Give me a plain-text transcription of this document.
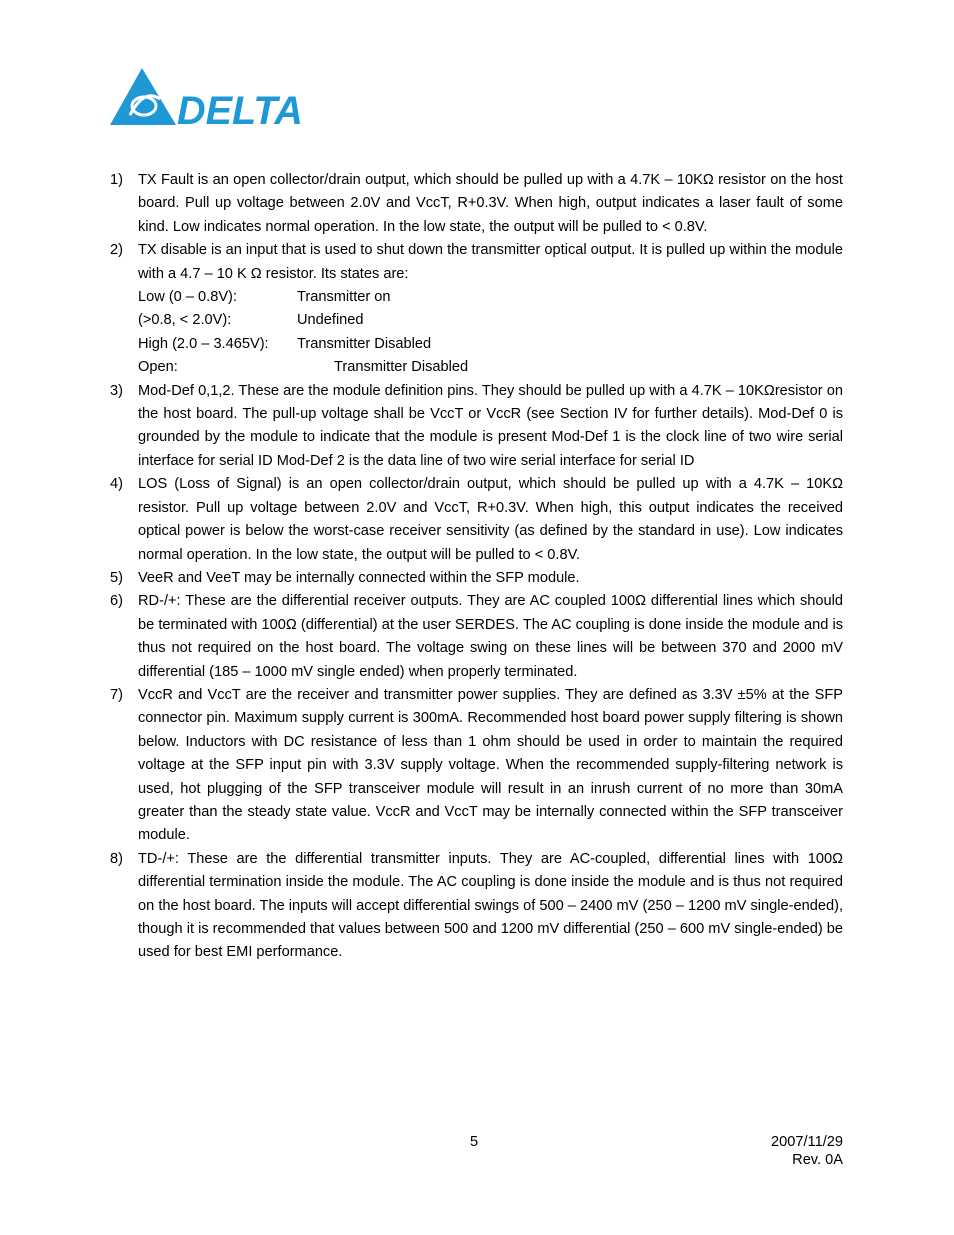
DELTA
1)	TX Fault is an open collector/drain output, which should be pulled up with a 4.7K – 10KΩ resistor on the host board. Pull up voltage between 2.0V and VccT, R+0.3V. When high, output indicates a laser fault of some kind. Low indicates normal operation. In the low state, the output will be pulled to < 0.8V.
2)	TX disable is an input that is used to shut down the transmitter optical output. It is pulled up within the module with a 4.7 – 10 K Ω resistor. Its states are:
Low (0 – 0.8V):	Transmitter on
(>0.8, < 2.0V):	Undefined
High (2.0 – 3.465V):	Transmitter Disabled
Open:	Transmitter Disabled
3)	Mod-Def 0,1,2. These are the module definition pins. They should be pulled up with a 4.7K – 10KΩresistor on the host board. The pull-up voltage shall be VccT or VccR (see Section IV for further details). Mod-Def 0 is grounded by the module to indicate that the module is present Mod-Def 1 is the clock line of two wire serial interface for serial ID Mod-Def 2 is the data line of two wire serial interface for serial ID
4)	LOS (Loss of Signal) is an open collector/drain output, which should be pulled up with a 4.7K – 10KΩ resistor. Pull up voltage between 2.0V and VccT, R+0.3V. When high, this output indicates the received optical power is below the worst-case receiver sensitivity (as defined by the standard in use). Low indicates normal operation. In the low state, the output will be pulled to < 0.8V.
5)	VeeR and VeeT may be internally connected within the SFP module.
6)	RD-/+: These are the differential receiver outputs. They are AC coupled 100Ω differential lines which should be terminated with 100Ω (differential) at the user SERDES. The AC coupling is done inside the module and is thus not required on the host board. The voltage swing on these lines will be between 370 and 2000 mV differential (185 – 1000 mV single ended) when properly terminated.
7)	VccR and VccT are the receiver and transmitter power supplies. They are defined as 3.3V ±5% at the SFP connector pin. Maximum supply current is 300mA. Recommended host board power supply filtering is shown below. Inductors with DC resistance of less than 1 ohm should be used in order to maintain the required voltage at the SFP input pin with 3.3V supply voltage. When the recommended supply-filtering network is used, hot plugging of the SFP transceiver module will result in an inrush current of no more than 30mA greater than the steady state value. VccR and VccT may be internally connected within the SFP transceiver module.
8)	TD-/+: These are the differential transmitter inputs. They are AC-coupled, differential lines with 100Ω differential termination inside the module. The AC coupling is done inside the module and is thus not required on the host board. The inputs will accept differential swings of 500 – 2400 mV (250 – 1200 mV single-ended), though it is recommended that values between 500 and 1200 mV differential (250 – 600 mV single-ended) be used for best EMI performance.
5	2007/11/29
Rev. 0A
